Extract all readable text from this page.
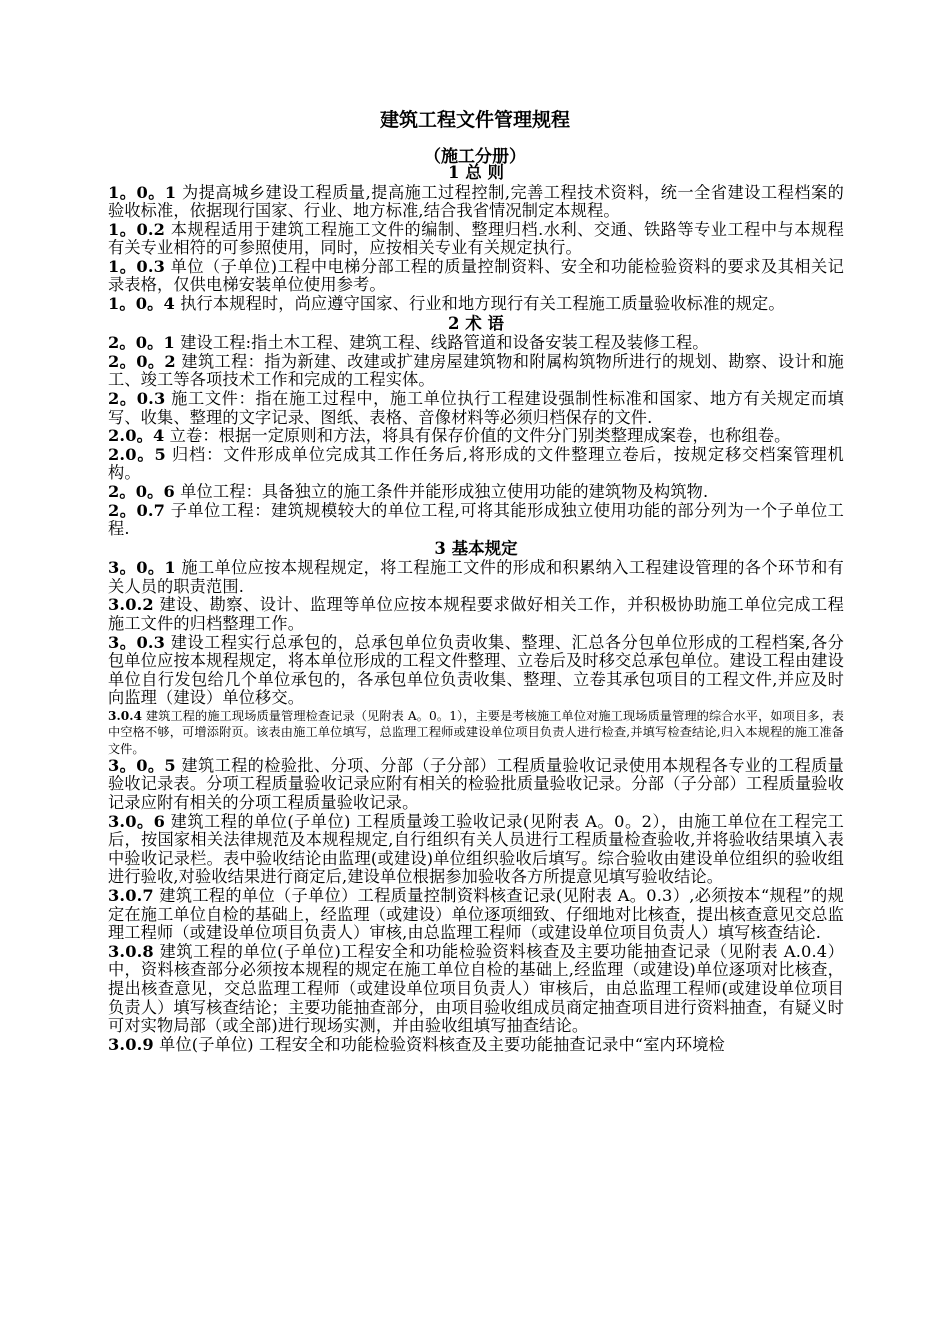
建筑工程文件管理规程
（施工分册）

1 总 则

1。0。1 为提高城乡建设工程质量,提高施工过程控制,完善工程技术资料，统一全省建设工程档案的验收标准，依据现行国家、行业、地方标准,结合我省情况制定本规程。

1。0.2 本规程适用于建筑工程施工文件的编制、整理归档.水利、交通、铁路等专业工程中与本规程有关专业相符的可参照使用，同时，应按相关专业有关规定执行。

1。0.3 单位（子单位)工程中电梯分部工程的质量控制资料、安全和功能检验资料的要求及其相关记录表格，仅供电梯安装单位使用参考。

1。0。4 执行本规程时，尚应遵守国家、行业和地方现行有关工程施工质量验收标准的规定。

2 术 语

2。0。1 建设工程:指土木工程、建筑工程、线路管道和设备安装工程及装修工程。

2。0。2 建筑工程：指为新建、改建或扩建房屋建筑物和附属构筑物所进行的规划、勘察、设计和施工、竣工等各项技术工作和完成的工程实体。

2。0.3 施工文件：指在施工过程中，施工单位执行工程建设强制性标准和国家、地方有关规定而填写、收集、整理的文字记录、图纸、表格、音像材料等必须归档保存的文件.

2.0。4 立卷：根据一定原则和方法，将具有保存价值的文件分门别类整理成案卷，也称组卷。

2.0。5 归档：文件形成单位完成其工作任务后,将形成的文件整理立卷后，按规定移交档案管理机构。

2。0。6 单位工程：具备独立的施工条件并能形成独立使用功能的建筑物及构筑物.

2。0.7 子单位工程：建筑规模较大的单位工程,可将其能形成独立使用功能的部分列为一个子单位工程.

3 基本规定

3。0。1 施工单位应按本规程规定，将工程施工文件的形成和积累纳入工程建设管理的各个环节和有关人员的职责范围.

3.0.2 建设、勘察、设计、监理等单位应按本规程要求做好相关工作，并积极协助施工单位完成工程施工文件的归档整理工作。

3。0.3 建设工程实行总承包的，总承包单位负责收集、整理、汇总各分包单位形成的工程档案,各分包单位应按本规程规定，将本单位形成的工程文件整理、立卷后及时移交总承包单位。建设工程由建设单位自行发包给几个单位承包的，各承包单位负责收集、整理、立卷其承包项目的工程文件,并应及时向监理（建设）单位移交。

3.0.4 建筑工程的施工现场质量管理检查记录（见附表 A。0。1），主要是考核施工单位对施工现场质量管理的综合水平，如项目多，表中空格不够，可增添附页。该表由施工单位填写，总监理工程师或建设单位项目负责人进行检查,并填写检查结论,归入本规程的施工准备文件。

3。0。5 建筑工程的检验批、分项、分部（子分部）工程质量验收记录使用本规程各专业的工程质量验收记录表。分项工程质量验收记录应附有相关的检验批质量验收记录。分部（子分部）工程质量验收记录应附有相关的分项工程质量验收记录。

3.0。6 建筑工程的单位(子单位) 工程质量竣工验收记录(见附表 A。0。2），由施工单位在工程完工后，按国家相关法律规范及本规程规定,自行组织有关人员进行工程质量检查验收,并将验收结果填入表中验收记录栏。表中验收结论由监理(或建设)单位组织验收后填写。综合验收由建设单位组织的验收组进行验收,对验收结果进行商定后,建设单位根据参加验收各方所提意见填写验收结论。

3.0.7 建筑工程的单位（子单位）工程质量控制资料核查记录(见附表 A。0.3）,必须按本“规程”的规定在施工单位自检的基础上，经监理（或建设）单位逐项细致、仔细地对比核查，提出核查意见交总监理工程师（或建设单位项目负责人）审核,由总监理工程师（或建设单位项目负责人）填写核查结论.

3.0.8 建筑工程的单位(子单位)工程安全和功能检验资料核查及主要功能抽查记录（见附表 A.0.4）中，资料核查部分必须按本规程的规定在施工单位自检的基础上,经监理（或建设)单位逐项对比核查，提出核查意见，交总监理工程师（或建设单位项目负责人）审核后，由总监理工程师(或建设单位项目负责人）填写核查结论；主要功能抽查部分，由项目验收组成员商定抽查项目进行资料抽查，有疑义时可对实物局部（或全部)进行现场实测，并由验收组填写抽查结论。

3.0.9 单位(子单位) 工程安全和功能检验资料核查及主要功能抽查记录中“室内环境检
